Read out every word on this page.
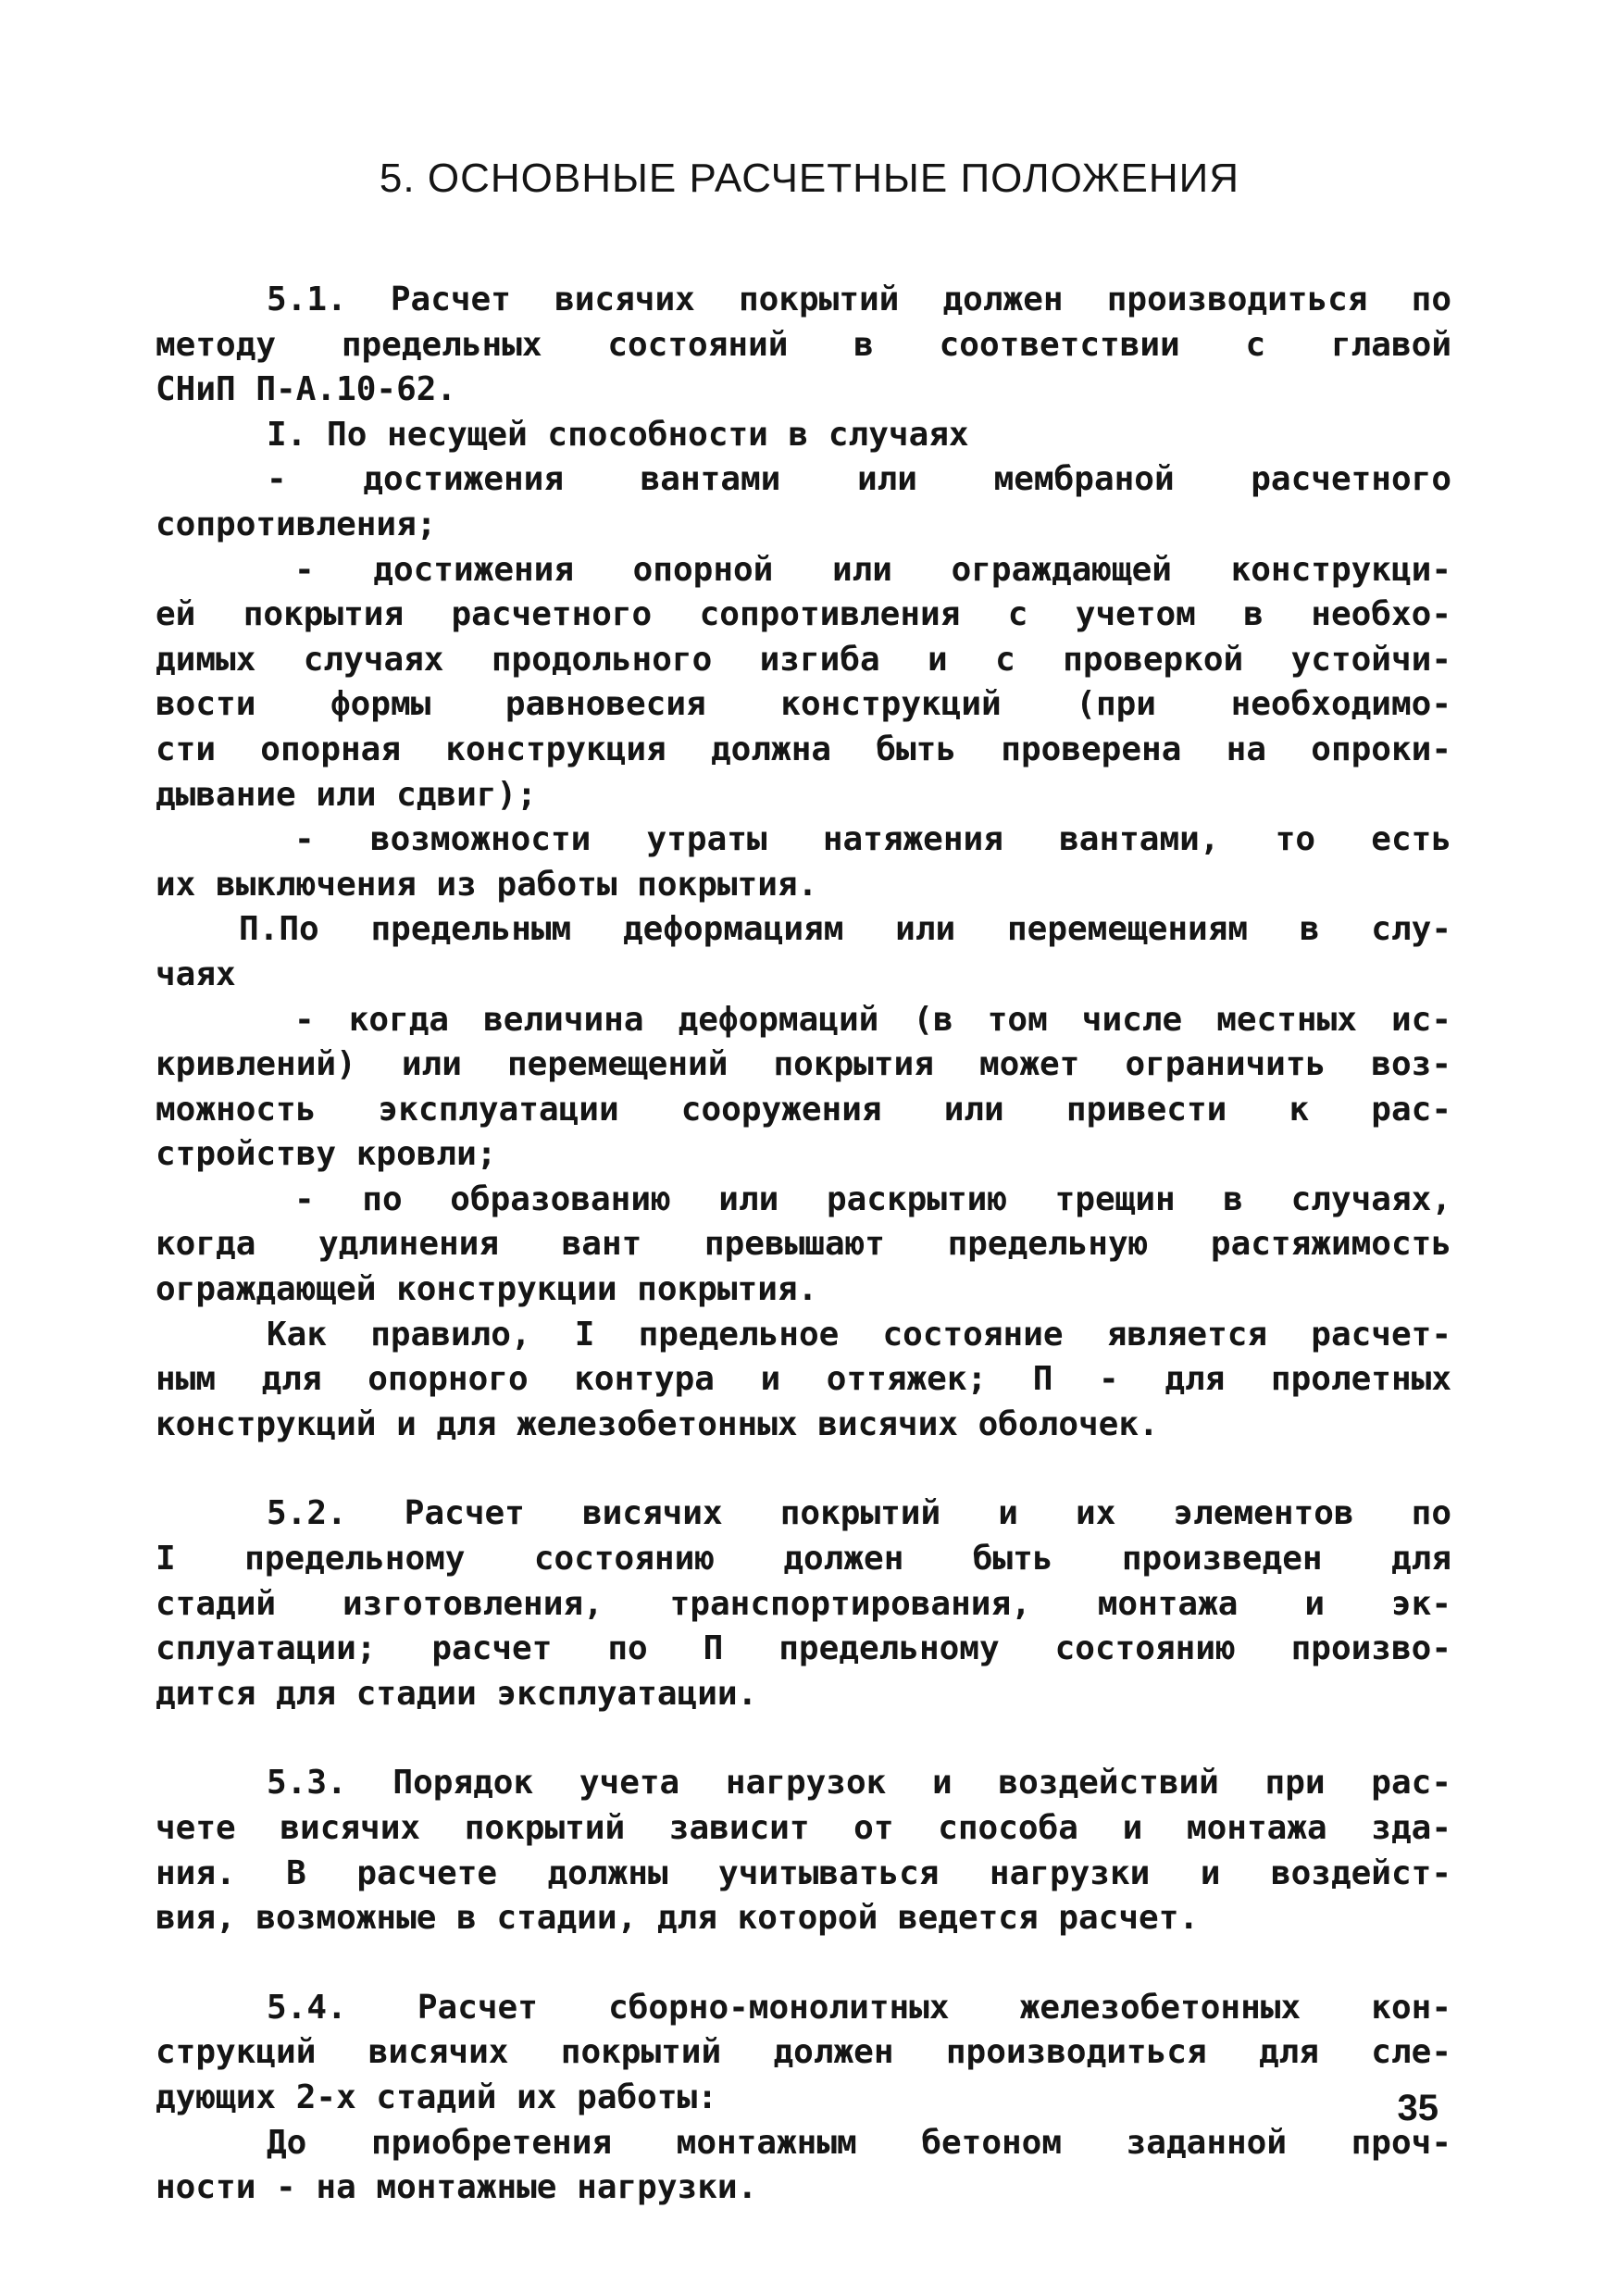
5. ОСНОВНЫЕ РАСЧЕТНЫЕ ПОЛОЖЕНИЯ
5.1. Расчет висячих покрытий должен производиться по
методу предельных состояний в соответствии с главой
СНиП П-А.10-62.
I. По несущей способности в случаях
- достижения вантами или мембраной расчетного
сопротивления;
- достижения опорной или ограждающей конструкци-
ей покрытия расчетного сопротивления с учетом в необхо-
димых случаях продольного изгиба и с проверкой устойчи-
вости формы равновесия конструкций (при необходимо-
сти опорная конструкция должна быть проверена на опроки-
дывание или сдвиг);
- возможности утраты натяжения вантами, то есть
их выключения из работы покрытия.
П.По предельным деформациям или перемещениям в слу-
чаях
- когда величина деформаций (в том числе местных ис-
кривлений) или перемещений покрытия может ограничить воз-
можность эксплуатации сооружения или привести к рас-
стройству кровли;
- по образованию или раскрытию трещин в случаях,
когда удлинения вант превышают предельную растяжимость
ограждающей конструкции покрытия.
Как правило, I предельное состояние является расчет-
ным для опорного контура и оттяжек; П - для пролетных
конструкций и для железобетонных висячих оболочек.
5.2. Расчет висячих покрытий и их элементов по
I предельному состоянию должен быть произведен для
стадий изготовления, транспортирования, монтажа и эк-
сплуатации; расчет по П предельному состоянию произво-
дится для стадии эксплуатации.
5.3. Порядок учета нагрузок и воздействий при рас-
чете висячих покрытий зависит от способа и монтажа зда-
ния. В расчете должны учитываться нагрузки и воздейст-
вия, возможные в стадии, для которой ведется расчет.
5.4. Расчет сборно-монолитных железобетонных кон-
струкций висячих покрытий должен производиться для сле-
дующих 2-х стадий их работы:
До приобретения монтажным бетоном заданной проч-
ности - на монтажные нагрузки.
35
